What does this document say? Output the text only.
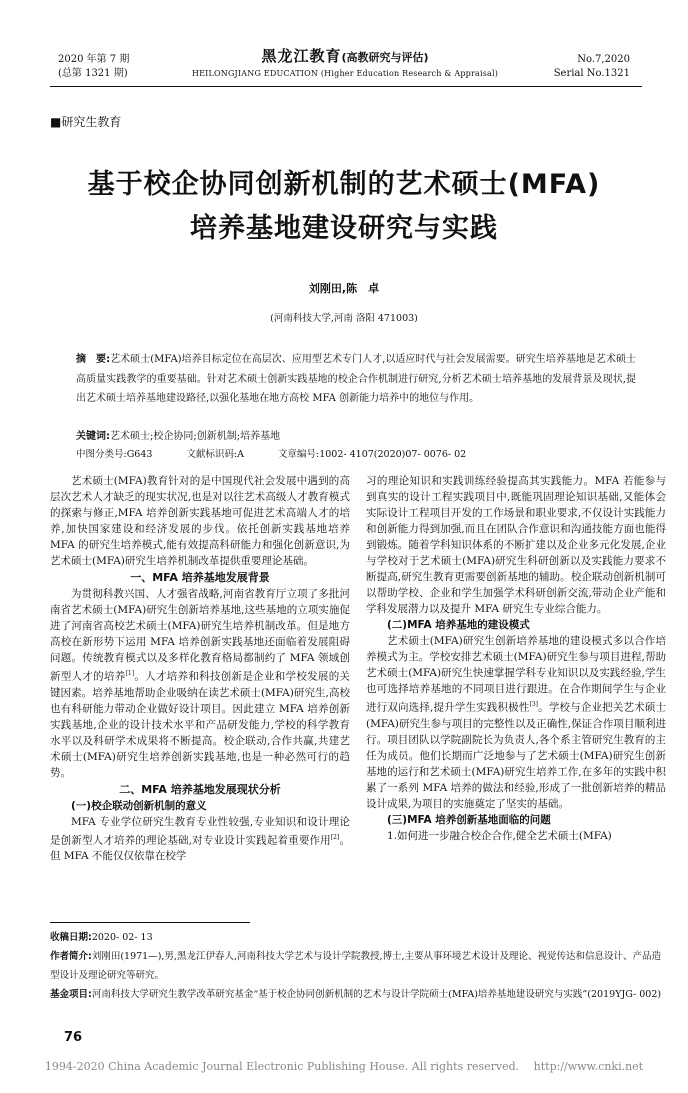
2020 年第 7 期
(总第 1321 期)
黑龙江教育(高教研究与评估)
HEILONGJIANG EDUCATION (Higher Education Research & Appraisal)
No.7,2020
Serial No.1321
■研究生教育
基于校企协同创新机制的艺术硕士(MFA)
培养基地建设研究与实践
刘刚田,陈　卓
(河南科技大学,河南 洛阳 471003)
摘　要:艺术硕士(MFA)培养目标定位在高层次、应用型艺术专门人才,以适应时代与社会发展需要。研究生培养基地是艺术硕士高质量实践教学的重要基础。针对艺术硕士创新实践基地的校企合作机制进行研究,分析艺术硕士培养基地的发展背景及现状,提出艺术硕士培养基地建设路径,以强化基地在地方高校 MFA 创新能力培养中的地位与作用。
关键词:艺术硕士;校企协同;创新机制;培养基地
中图分类号:G643	文献标识码:A	文章编号:1002- 4107(2020)07- 0076- 02

艺术硕士(MFA)教育针对的是中国现代社会发展中遇到的高层次艺术人才缺乏的现实状况,也是对以往艺术高级人才教育模式的探索与修正,MFA 培养创新实践基地可促进艺术高端人才的培养,加快国家建设和经济发展的步伐。依托创新实践基地培养 MFA 的研究生培养模式,能有效提高科研能力和强化创新意识,为艺术硕士(MFA)研究生培养机制改革提供重要理论基础。

一、MFA 培养基地发展背景

为贯彻科教兴国、人才强省战略,河南省教育厅立项了多批河南省艺术硕士(MFA)研究生创新培养基地,这些基地的立项实施促进了河南省高校艺术硕士(MFA)研究生培养机制改革。但是地方高校在新形势下运用 MFA 培养创新实践基地还面临着发展阻碍问题。传统教育模式以及多样化教育格局都制约了 MFA 领域创新型人才的培养[1]。人才培养和科技创新是企业和学校发展的关键因素。培养基地帮助企业吸纳在读艺术硕士(MFA)研究生,高校也有科研能力带动企业做好设计项目。因此建立 MFA 培养创新实践基地,企业的设计技术水平和产品研发能力,学校的科学教育水平以及科研学术成果将不断提高。校企联动,合作共赢,共建艺术硕士(MFA)研究生培养创新实践基地,也是一种必然可行的趋势。

二、MFA 培养基地发展现状分析
(一)校企联动创新机制的意义

MFA 专业学位研究生教育专业性较强,专业知识和设计理论是创新型人才培养的理论基础,对专业设计实践起着重要作用[2]。但 MFA 不能仅仅依靠在校学

习的理论知识和实践训练经验提高其实践能力。MFA 若能参与到真实的设计工程实践项目中,既能巩固理论知识基础,又能体会实际设计工程项目开发的工作场景和职业要求,不仅设计实践能力和创新能力得到加强,而且在团队合作意识和沟通技能方面也能得到锻炼。随着学科知识体系的不断扩建以及企业多元化发展,企业与学校对于艺术硕士(MFA)研究生科研创新以及实践能力要求不断提高,研究生教育更需要创新基地的辅助。校企联动创新机制可以帮助学校、企业和学生加强学术科研创新交流,带动企业产能和学科发展潜力以及提升 MFA 研究生专业综合能力。

(二)MFA 培养基地的建设模式

艺术硕士(MFA)研究生创新培养基地的建设模式多以合作培养模式为主。学校安排艺术硕士(MFA)研究生参与项目进程,帮助艺术硕士(MFA)研究生快速掌握学科专业知识以及实践经验,学生也可选择培养基地的不同项目进行跟进。在合作期间学生与企业进行双向选择,提升学生实践积极性[3]。学校与企业把关艺术硕士(MFA)研究生参与项目的完整性以及正确性,保证合作项目顺利进行。项目团队以学院副院长为负责人,各个系主管研究生教育的主任为成员。他们长期而广泛地参与了艺术硕士(MFA)研究生创新基地的运行和艺术硕士(MFA)研究生培养工作,在多年的实践中积累了一系列 MFA 培养的做法和经验,形成了一批创新培养的精品设计成果,为项目的实施奠定了坚实的基础。

(三)MFA 培养创新基地面临的问题

1.如何进一步融合校企合作,健全艺术硕士(MFA)

收稿日期:2020- 02- 13

作者简介:刘刚田(1971—),男,黑龙江伊春人,河南科技大学艺术与设计学院教授,博士,主要从事环境艺术设计及理论、视觉传达和信息设计、产品造型设计及理论研究等研究。

基金项目:河南科技大学研究生教学改革研究基金“基于校企协同创新机制的艺术与设计学院硕士(MFA)培养基地建设研究与实践”(2019YJG- 002)

76
1994-2020 China Academic Journal Electronic Publishing House. All rights reserved.　 http://www.cnki.net
